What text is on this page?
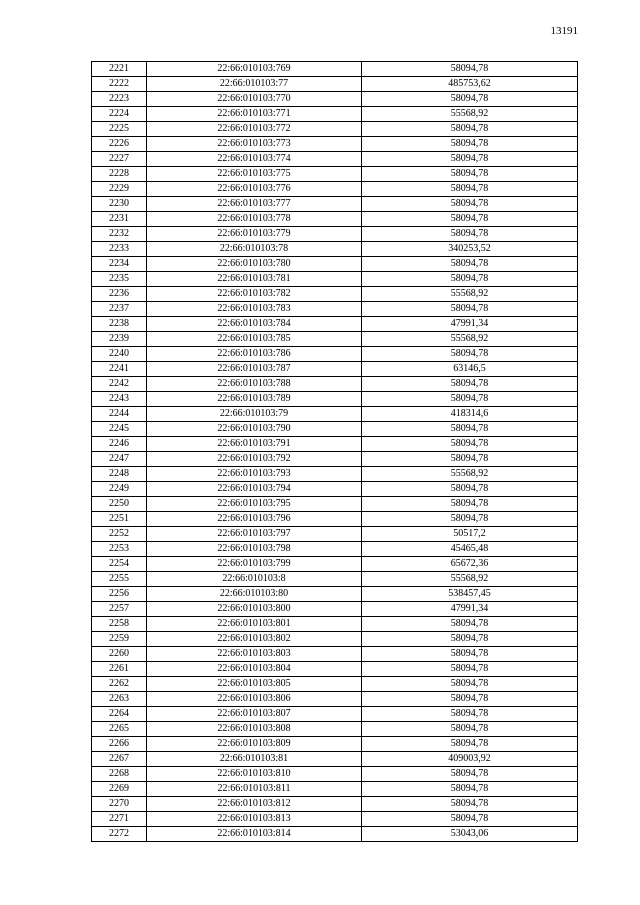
13191
2221	22:66:010103:769	58094,78
2222	22:66:010103:77	485753,62
2223	22:66:010103:770	58094,78
2224	22:66:010103:771	55568,92
2225	22:66:010103:772	58094,78
2226	22:66:010103:773	58094,78
2227	22:66:010103:774	58094,78
2228	22:66:010103:775	58094,78
2229	22:66:010103:776	58094,78
2230	22:66:010103:777	58094,78
2231	22:66:010103:778	58094,78
2232	22:66:010103:779	58094,78
2233	22:66:010103:78	340253,52
2234	22:66:010103:780	58094,78
2235	22:66:010103:781	58094,78
2236	22:66:010103:782	55568,92
2237	22:66:010103:783	58094,78
2238	22:66:010103:784	47991,34
2239	22:66:010103:785	55568,92
2240	22:66:010103:786	58094,78
2241	22:66:010103:787	63146,5
2242	22:66:010103:788	58094,78
2243	22:66:010103:789	58094,78
2244	22:66:010103:79	418314,6
2245	22:66:010103:790	58094,78
2246	22:66:010103:791	58094,78
2247	22:66:010103:792	58094,78
2248	22:66:010103:793	55568,92
2249	22:66:010103:794	58094,78
2250	22:66:010103:795	58094,78
2251	22:66:010103:796	58094,78
2252	22:66:010103:797	50517,2
2253	22:66:010103:798	45465,48
2254	22:66:010103:799	65672,36
2255	22:66:010103:8	55568,92
2256	22:66:010103:80	538457,45
2257	22:66:010103:800	47991,34
2258	22:66:010103:801	58094,78
2259	22:66:010103:802	58094,78
2260	22:66:010103:803	58094,78
2261	22:66:010103:804	58094,78
2262	22:66:010103:805	58094,78
2263	22:66:010103:806	58094,78
2264	22:66:010103:807	58094,78
2265	22:66:010103:808	58094,78
2266	22:66:010103:809	58094,78
2267	22:66:010103:81	409003,92
2268	22:66:010103:810	58094,78
2269	22:66:010103:811	58094,78
2270	22:66:010103:812	58094,78
2271	22:66:010103:813	58094,78
2272	22:66:010103:814	53043,06
